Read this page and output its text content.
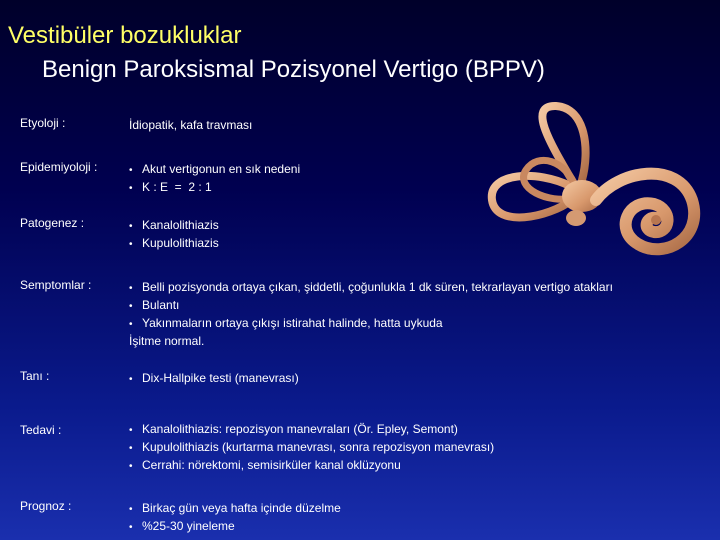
Vestibüler bozukluklar
Benign Paroksismal Pozisyonel Vertigo (BPPV)
Etyoloji :	İdiopatik, kafa travması
Epidemiyoloji :	• Akut vertigonun en sık nedeni
• K : E  =  2 : 1
Patogenez :	• Kanalolithiazis
• Kupulolithiazis
Semptomlar :	• Belli pozisyonda ortaya çıkan, şiddetli, çoğunlukla 1 dk süren, tekrarlayan vertigo atakları
• Bulantı
• Yakınmaların ortaya çıkışı istirahat halinde, hatta uykuda
İşitme normal.
Tanı :	• Dix-Hallpike testi (manevrası)
Tedavi :	• Kanalolithiazis: repozisyon manevraları (Ör. Epley, Semont)
• Kupulolithiazis (kurtarma manevrası, sonra repozisyon manevrası)
• Cerrahi: nörektomi, semisirküler kanal oklüzyonu
Prognoz :	• Birkaç gün veya hafta içinde düzelme
• %25-30 yineleme
